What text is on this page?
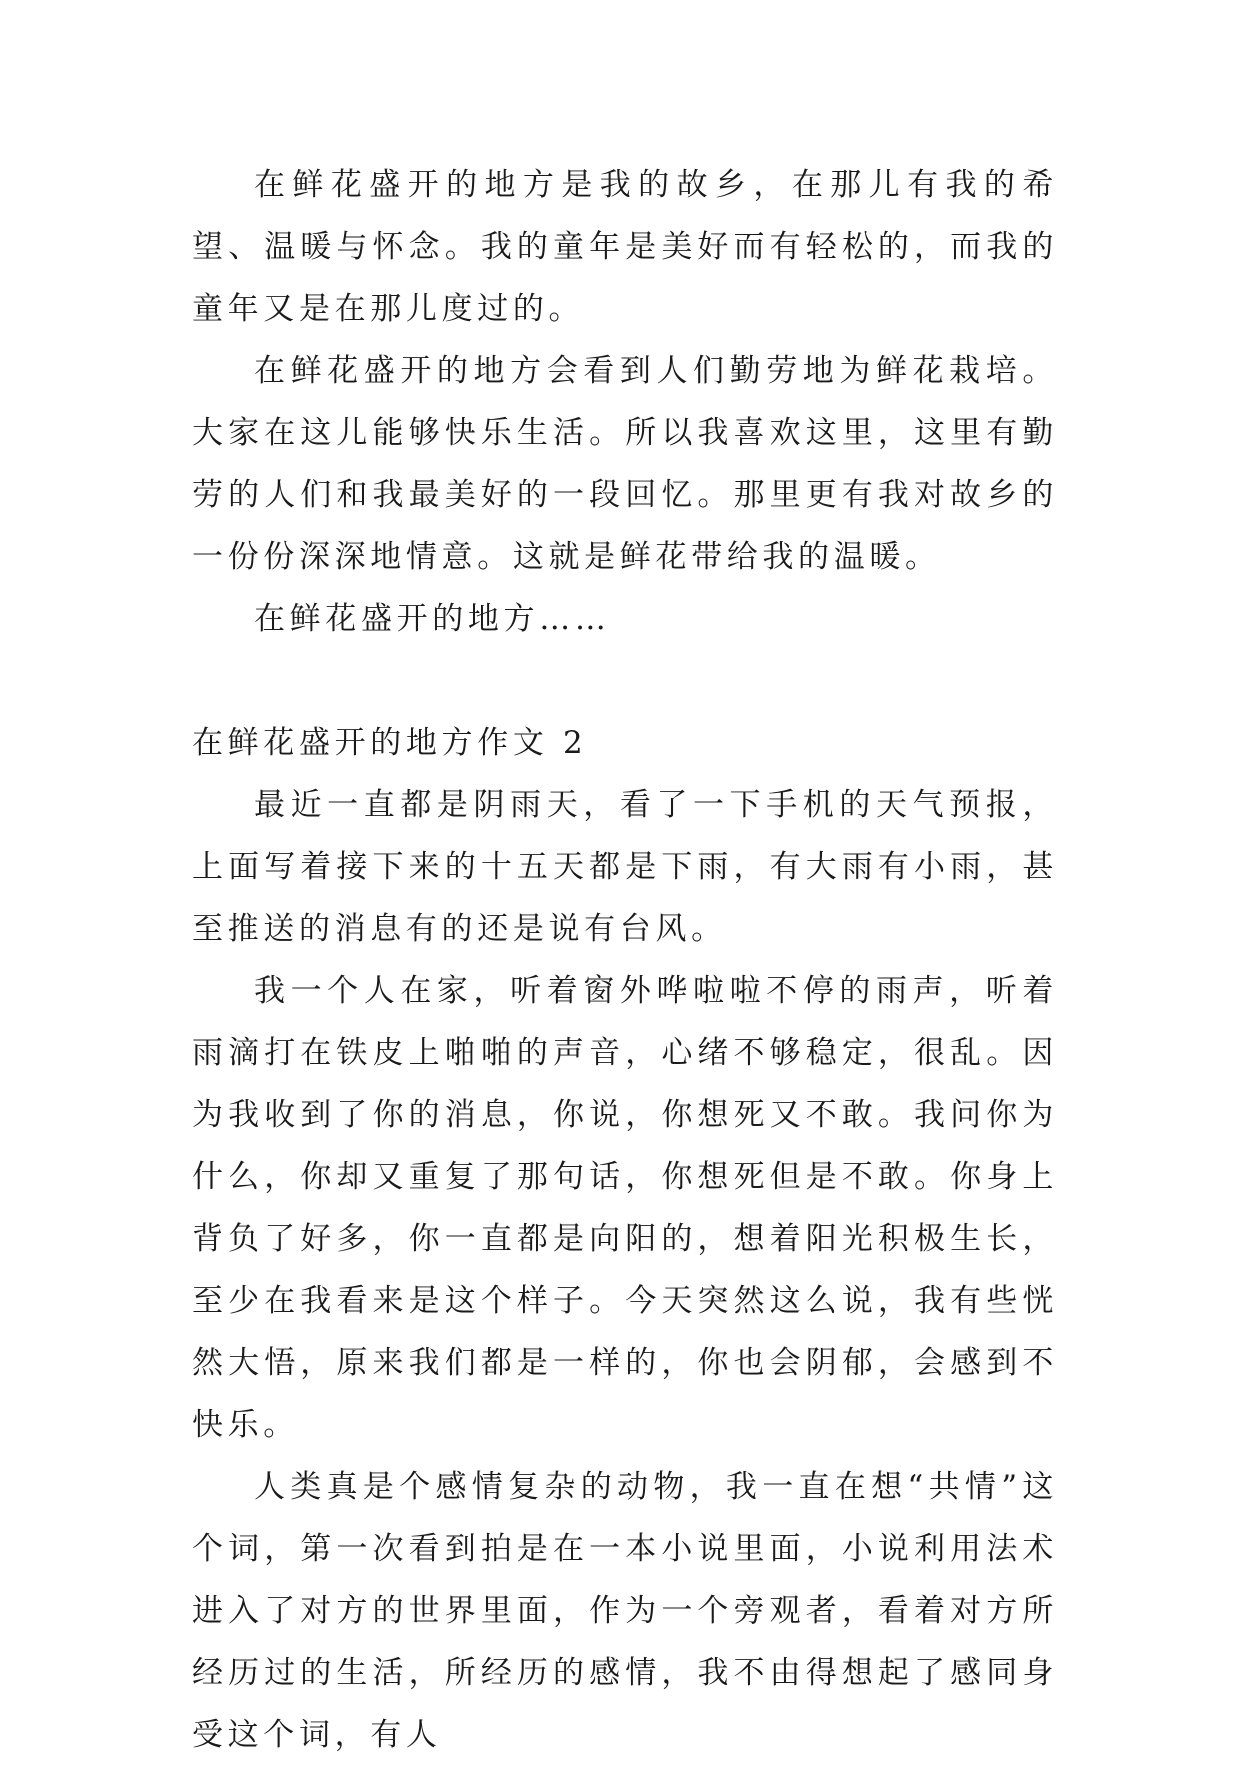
在鲜花盛开的地方是我的故乡，在那儿有我的希望、温暖与怀念。我的童年是美好而有轻松的，而我的童年又是在那儿度过的。

在鲜花盛开的地方会看到人们勤劳地为鲜花栽培。大家在这儿能够快乐生活。所以我喜欢这里，这里有勤劳的人们和我最美好的一段回忆。那里更有我对故乡的一份份深深地情意。这就是鲜花带给我的温暖。

在鲜花盛开的地方……

在鲜花盛开的地方作文 2

最近一直都是阴雨天，看了一下手机的天气预报，上面写着接下来的十五天都是下雨，有大雨有小雨，甚至推送的消息有的还是说有台风。

我一个人在家，听着窗外哗啦啦不停的雨声，听着雨滴打在铁皮上啪啪的声音，心绪不够稳定，很乱。因为我收到了你的消息，你说，你想死又不敢。我问你为什么，你却又重复了那句话，你想死但是不敢。你身上背负了好多，你一直都是向阳的，想着阳光积极生长，至少在我看来是这个样子。今天突然这么说，我有些恍然大悟，原来我们都是一样的，你也会阴郁，会感到不快乐。

人类真是个感情复杂的动物，我一直在想“共情”这个词，第一次看到拍是在一本小说里面，小说利用法术进入了对方的世界里面，作为一个旁观者，看着对方所经历过的生活，所经历的感情，我不由得想起了感同身受这个词，有人
